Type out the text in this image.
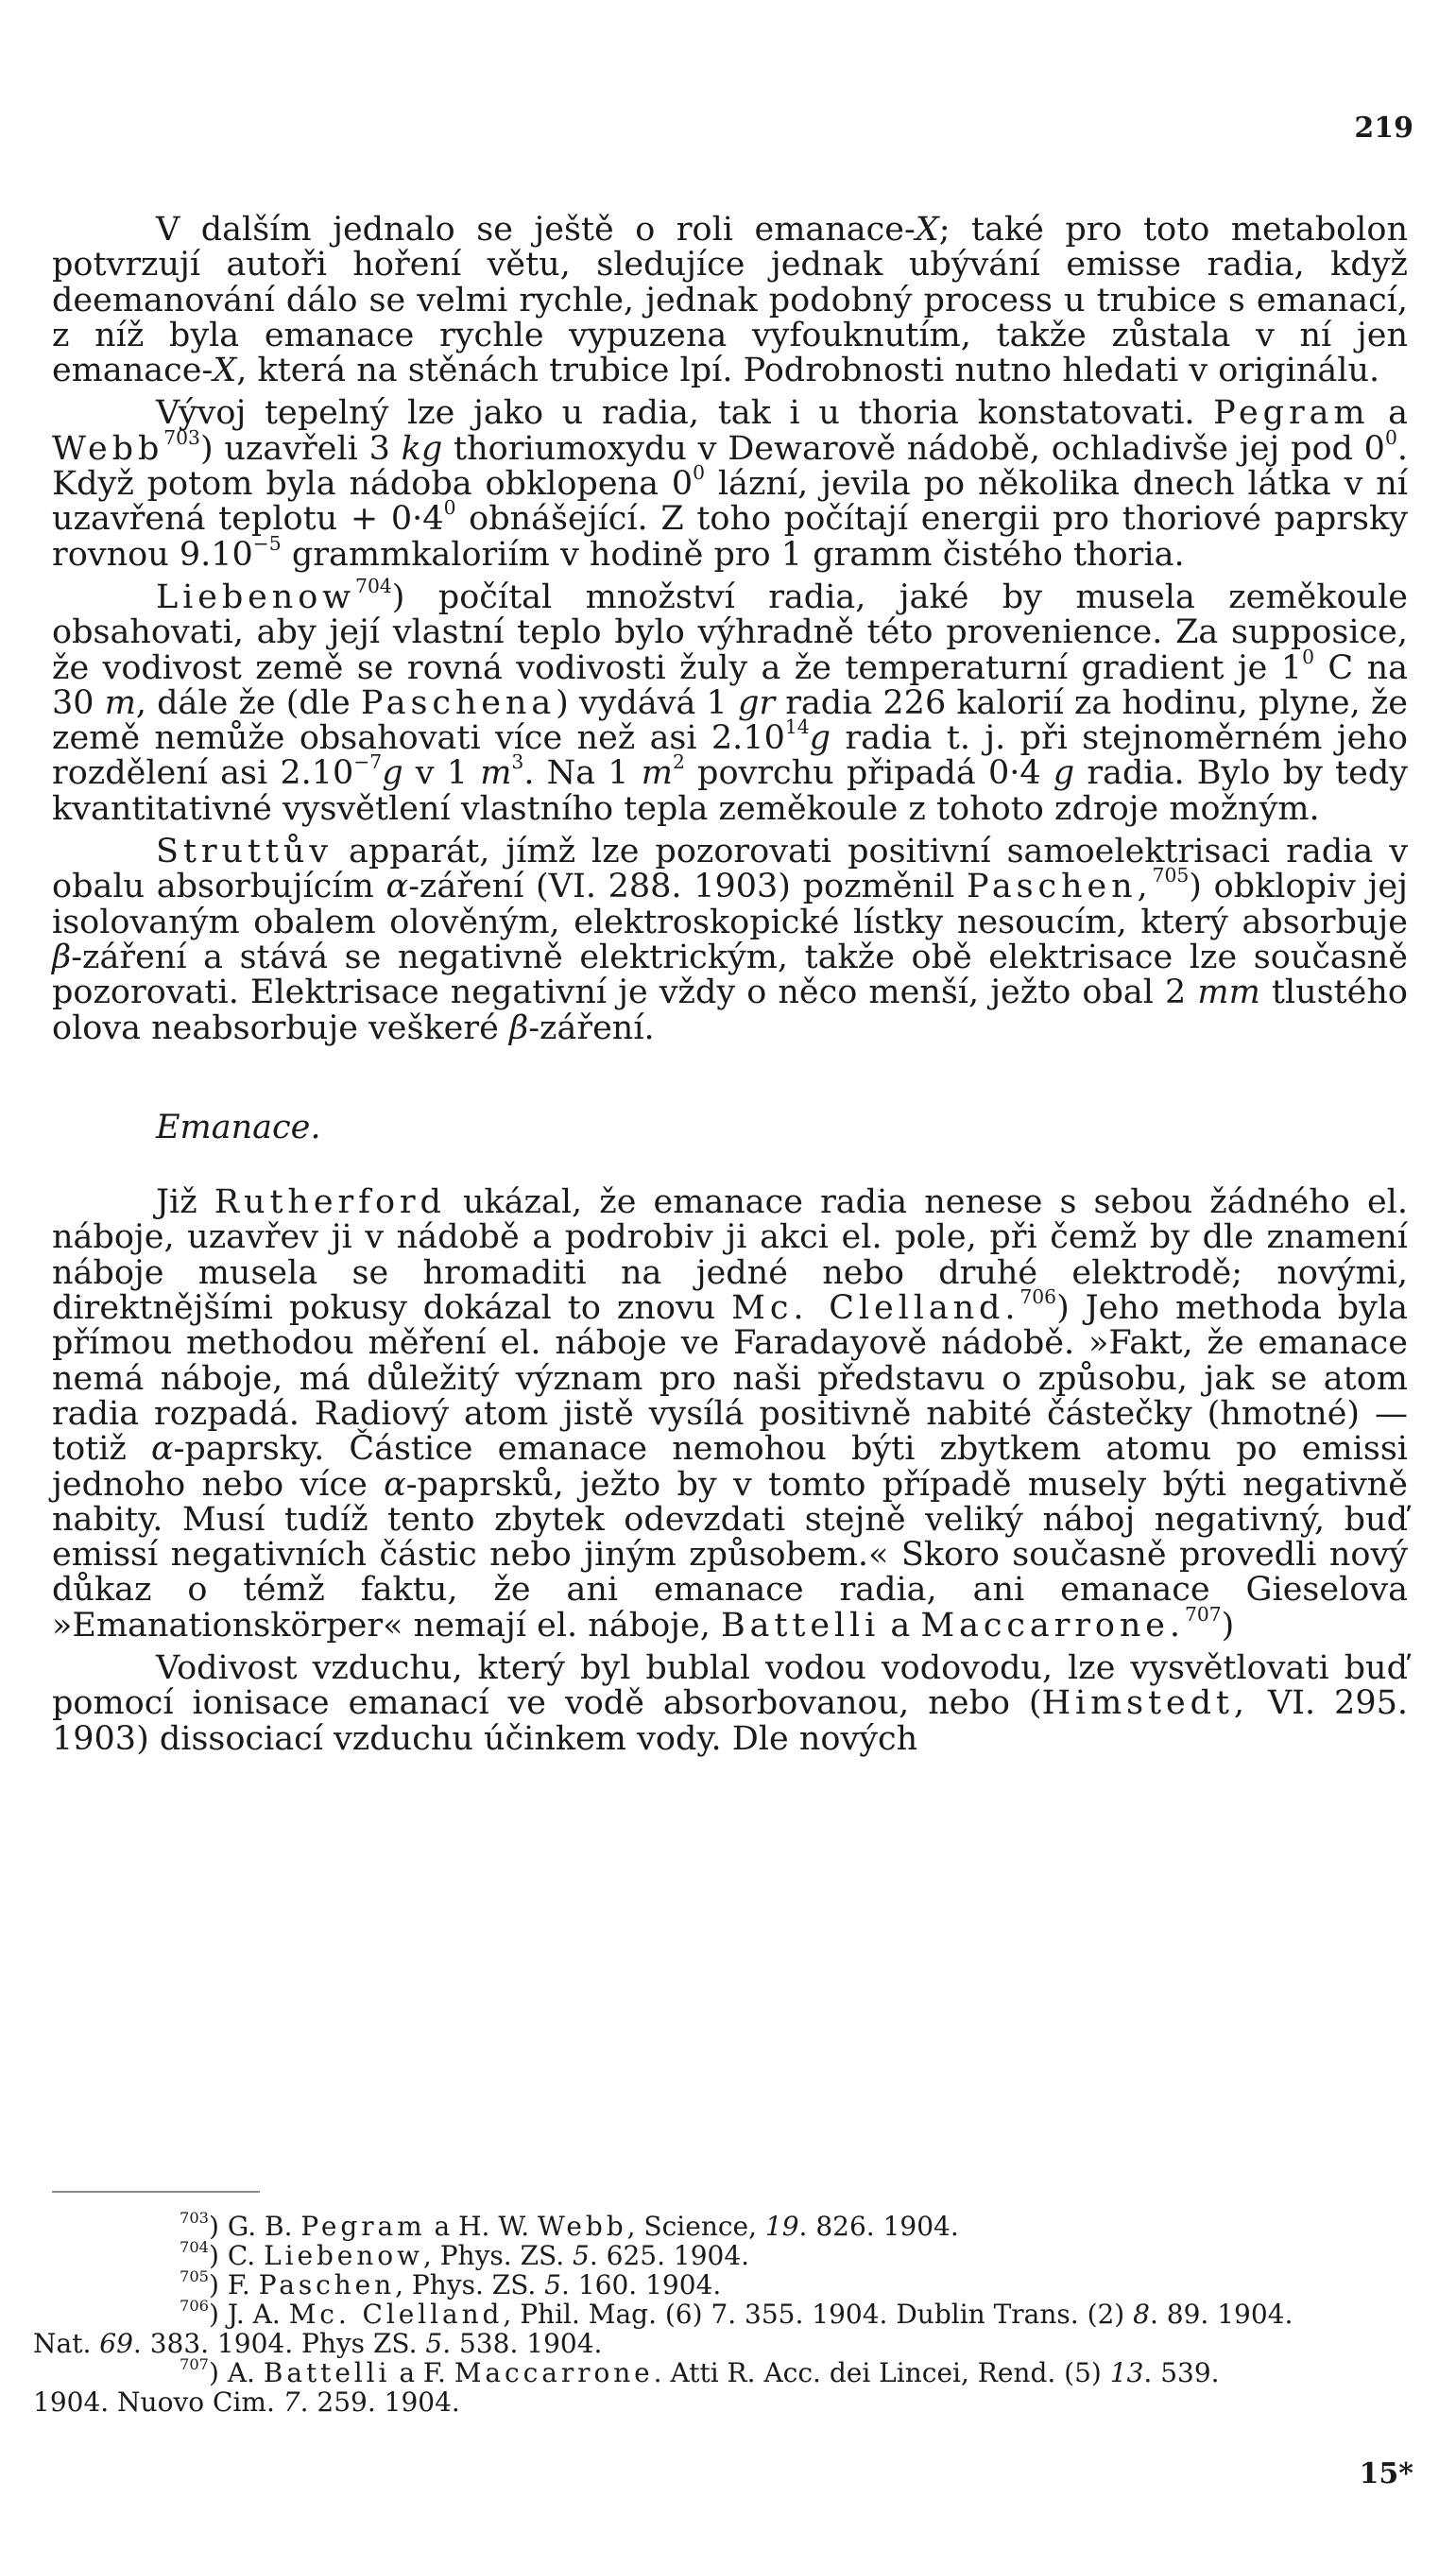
219

V dalším jednalo se ještě o roli emanace-X; také pro toto metabolon potvrzují autoři hoření větu, sledujíce jednak ubývání emisse radia, když deemanování dálo se velmi rychle, jednak podobný process u trubice s emanací, z níž byla emanace rychle vypuzena vyfouknutím, takže zůstala v ní jen emanace-X, která na stěnách trubice lpí. Podrobnosti nutno hledati v originálu.

Vývoj tepelný lze jako u radia, tak i u thoria konstatovati. Pegram a Webb$^{703}$) uzavřeli 3 kg thoriumoxydu v Dewarově nádobě, ochladivše jej pod $0^0$. Když potom byla nádoba obklopena $0^0$ lázní, jevila po několika dnech látka v ní uzavřená teplotu + $0\cdot 4^0$ obnášející. Z toho počítají energii pro thoriové paprsky rovnou $9.10^{-5}$ grammkaloriím v hodině pro 1 gramm čistého thoria.

Liebenow$^{704}$) počítal množství radia, jaké by musela zeměkoule obsahovati, aby její vlastní teplo bylo výhradně této provenience. Za supposice, že vodivost země se rovná vodivosti žuly a že temperaturní gradient je $1^0$ C na 30 m, dále že (dle Paschena) vydává 1 gr radia 226 kalorií za hodinu, plyne, že země nemůže obsahovati více než asi 2.10$^{14}$g radia t. j. při stejnoměrném jeho rozdělení asi $2.10^{-7}g$ v 1 $m^3$. Na 1 $m^2$ povrchu připadá 0·4 g radia. Bylo by tedy kvantitativné vysvětlení vlastního tepla zeměkoule z tohoto zdroje možným.

Struttův apparát, jímž lze pozorovati positivní samoelektrisaci radia v obalu absorbujícím α-záření (VI. 288. 1903) pozměnil Paschen,$^{705}$) obklopiv jej isolovaným obalem olověným, elektroskopické lístky nesoucím, který absorbuje β-záření a stává se negativně elektrickým, takže obě elektrisace lze současně pozorovati. Elektrisace negativní je vždy o něco menší, ježto obal 2 mm tlustého olova neabsorbuje veškeré β-záření.

Emanace.

Již Rutherford ukázal, že emanace radia nenese s sebou žádného el. náboje, uzavřev ji v nádobě a podrobiv ji akci el. pole, při čemž by dle znamení náboje musela se hromaditi na jedné nebo druhé elektrodě; novými, direktnějšími pokusy dokázal to znovu Mc. Clelland.$^{706}$) Jeho methoda byla přímou methodou měření el. náboje ve Faradayově nádobě. »Fakt, že emanace nemá náboje, má důležitý význam pro naši představu o způsobu, jak se atom radia rozpadá. Radiový atom jistě vysílá positivně nabité částečky (hmotné) — totiž α-paprsky. Částice emanace nemohou býti zbytkem atomu po emissi jednoho nebo více α-paprsků, ježto by v tomto případě musely býti negativně nabity. Musí tudíž tento zbytek odevzdati stejně veliký náboj negativný, buď emissí negativních částic nebo jiným způsobem.« Skoro současně provedli nový důkaz o témž faktu, že ani emanace radia, ani emanace Gieselova »Emanationskörper« nemají el. náboje, Battelli a Maccarrone.$^{707}$)

Vodivost vzduchu, který byl bublal vodou vodovodu, lze vysvětlovati buď pomocí ionisace emanací ve vodě absorbovanou, nebo (Himstedt, VI. 295. 1903) dissociací vzduchu účinkem vody. Dle nových

$^{703}$) G. B. Pegram a H. W. Webb, Science, 19. 826. 1904.

$^{704}$) C. Liebenow, Phys. ZS. 5. 625. 1904.

$^{705}$) F. Paschen, Phys. ZS. 5. 160. 1904.

$^{706}$) J. A. Mc. Clelland, Phil. Mag. (6) 7. 355. 1904. Dublin Trans. (2) 8. 89. 1904.

Nat. 69. 383. 1904. Phys ZS. 5. 538. 1904.

$^{707}$) A. Battelli a F. Maccarrone. Atti R. Acc. dei Lincei, Rend. (5) 13. 539.

1904. Nuovo Cim. 7. 259. 1904.

15*
